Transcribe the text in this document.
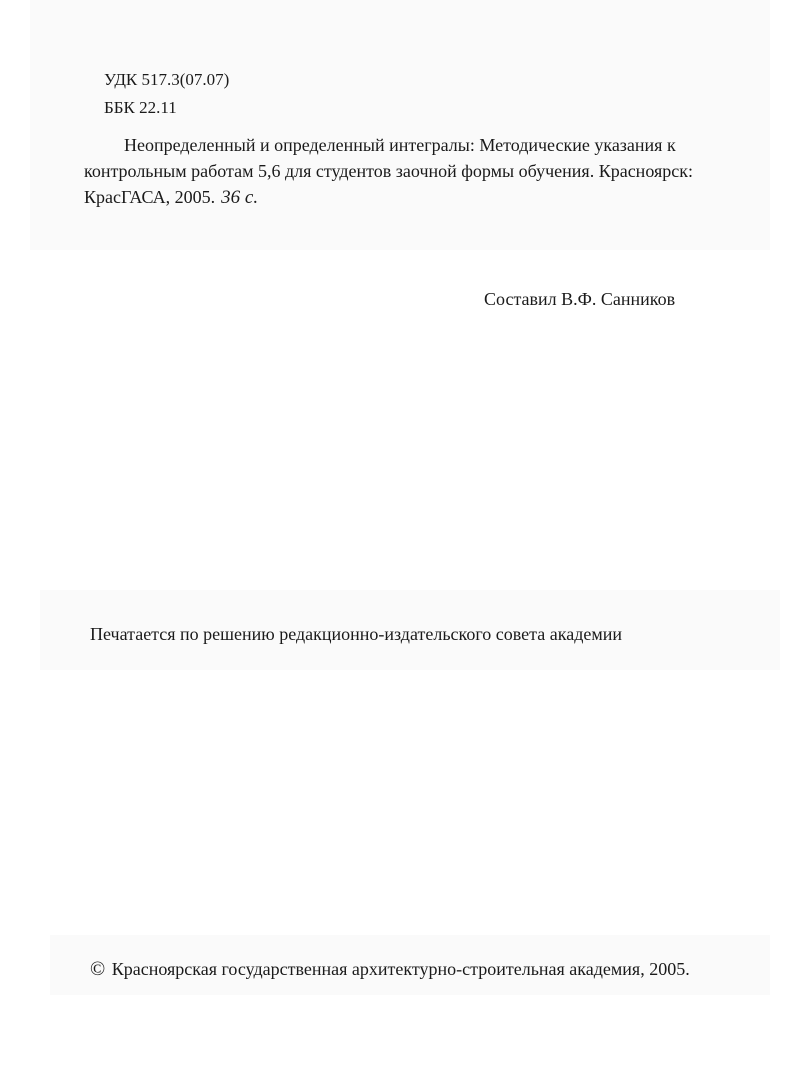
УДК 517.3(07.07)
ББК 22.11
Неопределенный и определенный интегралы: Методические указания к
контрольным работам 5,6 для студентов заочной формы обучения. Красноярск:
КрасГАСА, 2005. 36 с.
Составил В.Ф. Санников
Печатается по решению редакционно-издательского совета академии
© Красноярская государственная архитектурно-строительная академия, 2005.
